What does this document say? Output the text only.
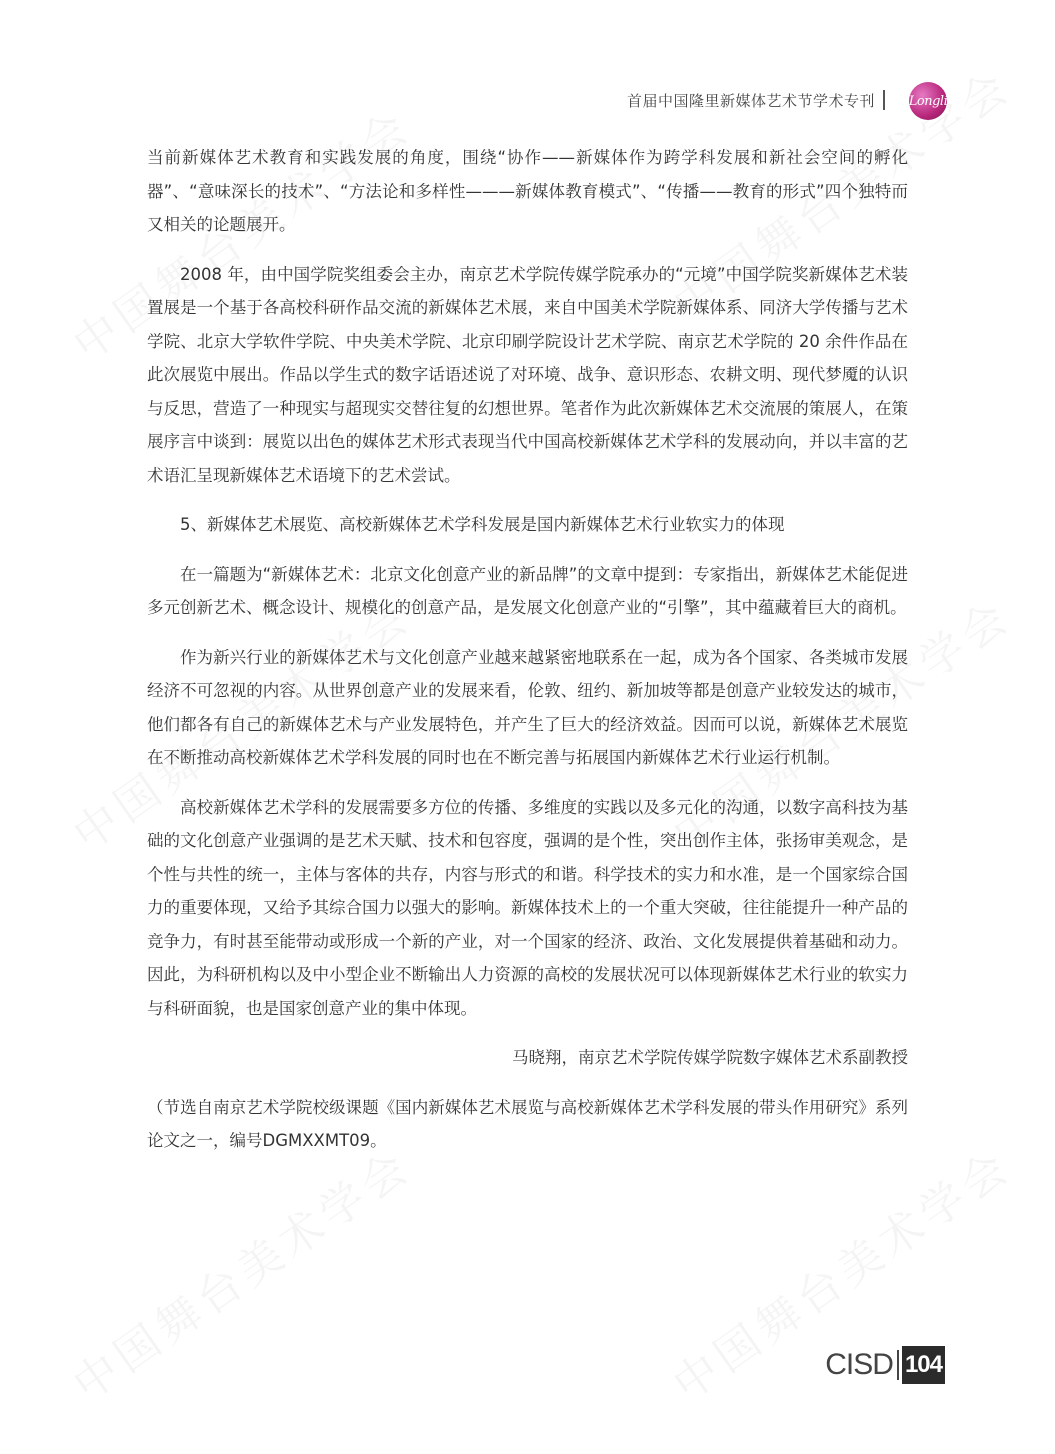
首届中国隆里新媒体艺术节学术专刊	Longli

当前新媒体艺术教育和实践发展的角度，围绕“协作——新媒体作为跨学科发展和新社会空间的孵化器”、“意味深长的技术”、“方法论和多样性———新媒体教育模式”、“传播——教育的形式”四个独特而又相关的论题展开。

2008 年，由中国学院奖组委会主办，南京艺术学院传媒学院承办的“元境”中国学院奖新媒体艺术装置展是一个基于各高校科研作品交流的新媒体艺术展，来自中国美术学院新媒体系、同济大学传播与艺术学院、北京大学软件学院、中央美术学院、北京印刷学院设计艺术学院、南京艺术学院的 20 余件作品在此次展览中展出。作品以学生式的数字话语述说了对环境、战争、意识形态、农耕文明、现代梦魇的认识与反思，营造了一种现实与超现实交替往复的幻想世界。笔者作为此次新媒体艺术交流展的策展人，在策展序言中谈到：展览以出色的媒体艺术形式表现当代中国高校新媒体艺术学科的发展动向，并以丰富的艺术语汇呈现新媒体艺术语境下的艺术尝试。

5、新媒体艺术展览、高校新媒体艺术学科发展是国内新媒体艺术行业软实力的体现

在一篇题为“新媒体艺术：北京文化创意产业的新品牌”的文章中提到：专家指出，新媒体艺术能促进多元创新艺术、概念设计、规模化的创意产品，是发展文化创意产业的“引擎”，其中蕴藏着巨大的商机。

作为新兴行业的新媒体艺术与文化创意产业越来越紧密地联系在一起，成为各个国家、各类城市发展经济不可忽视的内容。从世界创意产业的发展来看，伦敦、纽约、新加坡等都是创意产业较发达的城市，他们都各有自己的新媒体艺术与产业发展特色，并产生了巨大的经济效益。因而可以说，新媒体艺术展览在不断推动高校新媒体艺术学科发展的同时也在不断完善与拓展国内新媒体艺术行业运行机制。

高校新媒体艺术学科的发展需要多方位的传播、多维度的实践以及多元化的沟通，以数字高科技为基础的文化创意产业强调的是艺术天赋、技术和包容度，强调的是个性，突出创作主体，张扬审美观念，是个性与共性的统一，主体与客体的共存，内容与形式的和谐。科学技术的实力和水准，是一个国家综合国力的重要体现，又给予其综合国力以强大的影响。新媒体技术上的一个重大突破，往往能提升一种产品的竞争力，有时甚至能带动或形成一个新的产业，对一个国家的经济、政治、文化发展提供着基础和动力。因此，为科研机构以及中小型企业不断输出人力资源的高校的发展状况可以体现新媒体艺术行业的软实力与科研面貌，也是国家创意产业的集中体现。

马晓翔，南京艺术学院传媒学院数字媒体艺术系副教授

（节选自南京艺术学院校级课题《国内新媒体艺术展览与高校新媒体艺术学科发展的带头作用研究》系列论文之一，编号DGMXXMT09。

CISD 104
